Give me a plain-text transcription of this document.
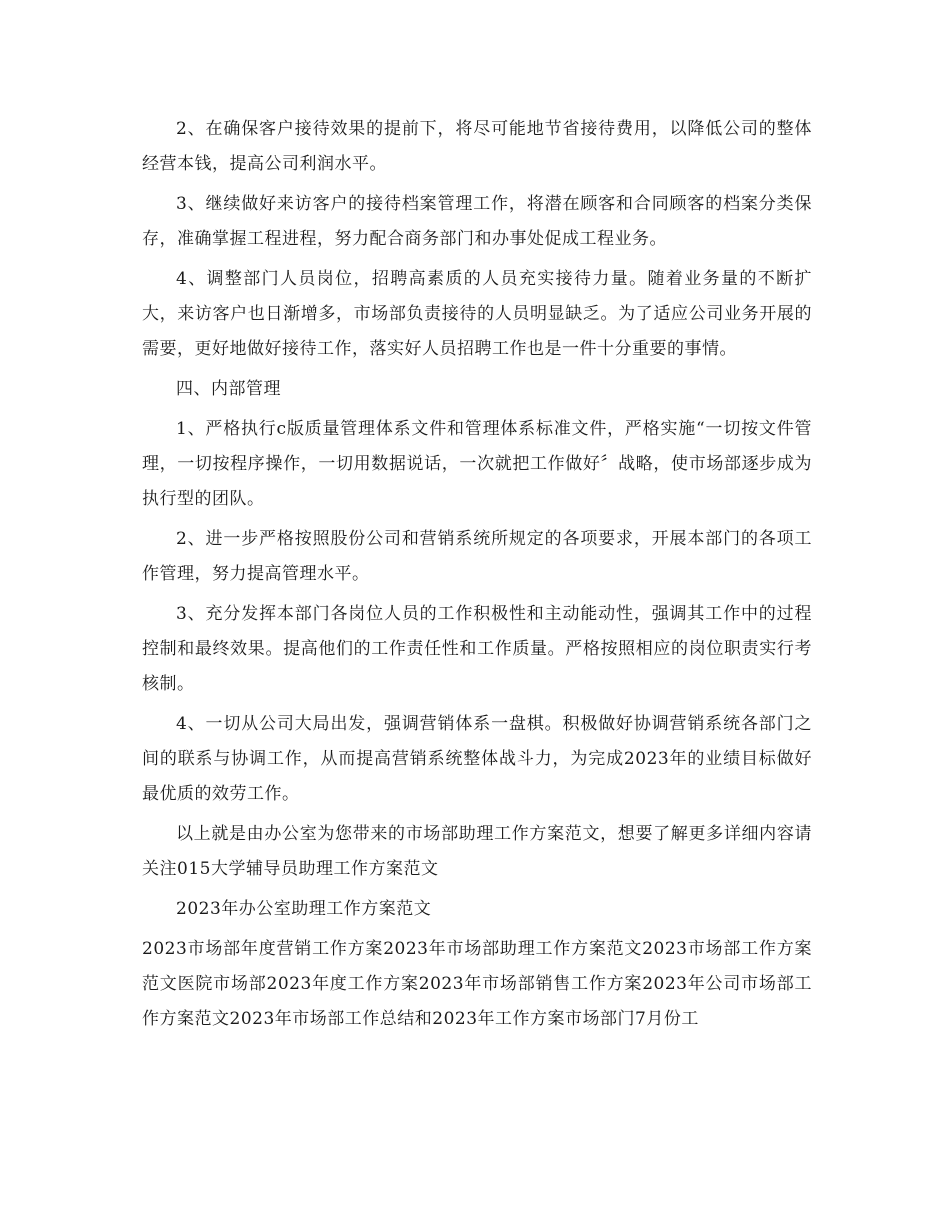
2、在确保客户接待效果的提前下，将尽可能地节省接待费用，以降低公司的整体经营本钱，提高公司利润水平。

3、继续做好来访客户的接待档案管理工作，将潜在顾客和合同顾客的档案分类保存，准确掌握工程进程，努力配合商务部门和办事处促成工程业务。

4、调整部门人员岗位，招聘高素质的人员充实接待力量。随着业务量的不断扩大，来访客户也日渐增多，市场部负责接待的人员明显缺乏。为了适应公司业务开展的需要，更好地做好接待工作，落实好人员招聘工作也是一件十分重要的事情。

四、内部管理

1、严格执行c版质量管理体系文件和管理体系标准文件，严格实施“一切按文件管理，一切按程序操作，一切用数据说话，一次就把工作做好〞战略，使市场部逐步成为执行型的团队。

2、进一步严格按照股份公司和营销系统所规定的各项要求，开展本部门的各项工作管理，努力提高管理水平。

3、充分发挥本部门各岗位人员的工作积极性和主动能动性，强调其工作中的过程控制和最终效果。提高他们的工作责任性和工作质量。严格按照相应的岗位职责实行考核制。

4、一切从公司大局出发，强调营销体系一盘棋。积极做好协调营销系统各部门之间的联系与协调工作，从而提高营销系统整体战斗力，为完成2023年的业绩目标做好最优质的效劳工作。

以上就是由办公室为您带来的市场部助理工作方案范文，想要了解更多详细内容请关注015大学辅导员助理工作方案范文

2023年办公室助理工作方案范文

2023市场部年度营销工作方案2023年市场部助理工作方案范文2023市场部工作方案范文医院市场部2023年度工作方案2023年市场部销售工作方案2023年公司市场部工作方案范文2023年市场部工作总结和2023年工作方案市场部门7月份工
